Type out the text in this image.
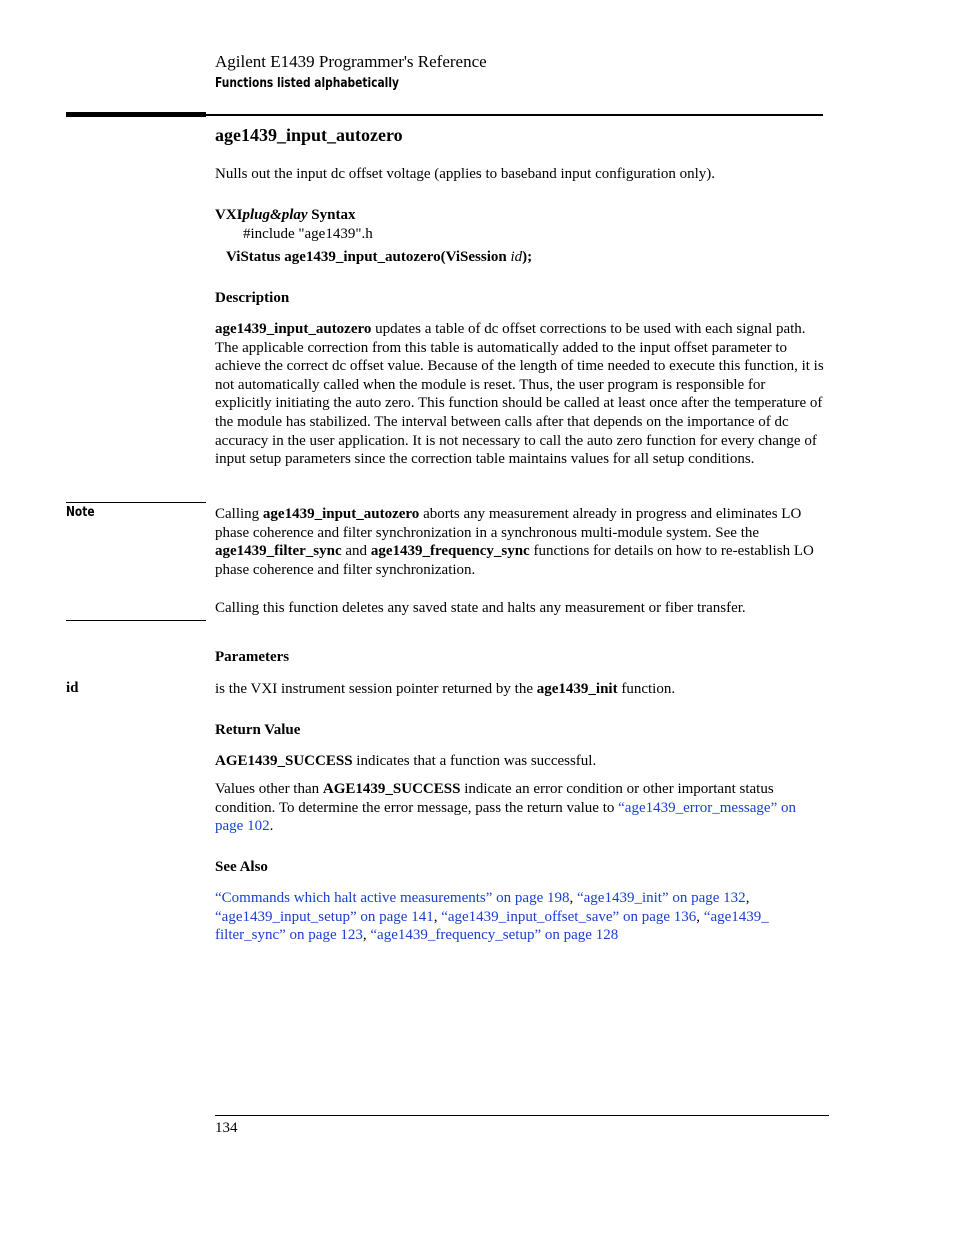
Agilent E1439 Programmer's Reference
Functions listed alphabetically
age1439_input_autozero

Nulls out the input dc offset voltage (applies to baseband input configuration only).

VXIplug&play Syntax
#include "age1439".h
ViStatus age1439_input_autozero(ViSession id);
Description

age1439_input_autozero updates a table of dc offset corrections to be used with each signal path. The applicable correction from this table is automatically added to the input offset parameter to achieve the correct dc offset value. Because of the length of time needed to execute this function, it is not automatically called when the module is reset. Thus, the user program is responsible for explicitly initiating the auto zero. This function should be called at least once after the temperature of the module has stabilized. The interval between calls after that depends on the importance of dc accuracy in the user application. It is not necessary to call the auto zero function for every change of input setup parameters since the correction table maintains values for all setup conditions.

Note	Calling age1439_input_autozero aborts any measurement already in progress and eliminates LO phase coherence and filter synchronization in a synchronous multi-module system. See the age1439_filter_sync and age1439_frequency_sync functions for details on how to re-establish LO phase coherence and filter synchronization.

Calling this function deletes any saved state and halts any measurement or fiber transfer.

Parameters
id	is the VXI instrument session pointer returned by the age1439_init function.

Return Value

AGE1439_SUCCESS indicates that a function was successful.

Values other than AGE1439_SUCCESS indicate an error condition or other important status condition. To determine the error message, pass the return value to “age1439_error_message” on page 102.

See Also

“Commands which halt active measurements” on page 198, “age1439_init” on page 132, “age1439_input_setup” on page 141, “age1439_input_offset_save” on page 136, “age1439_ filter_sync” on page 123, “age1439_frequency_setup” on page 128

134
